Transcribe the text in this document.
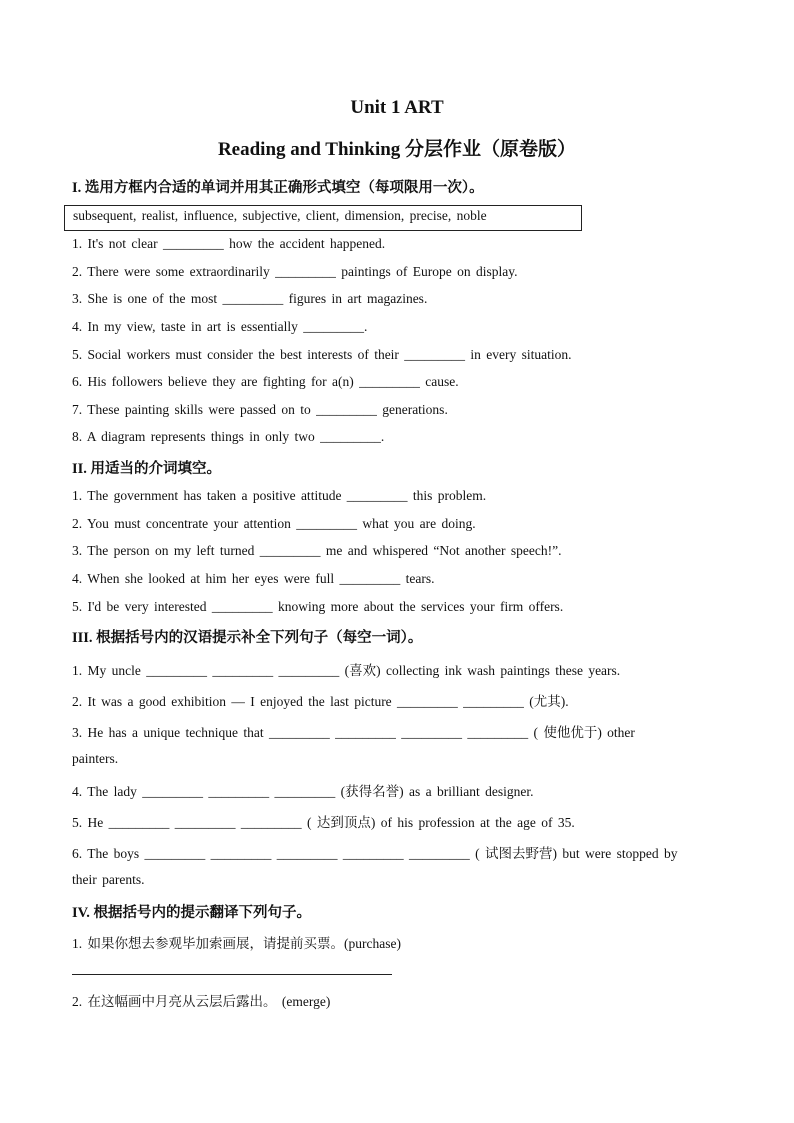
Unit 1 ART
Reading and Thinking 分层作业（原卷版）
I. 选用方框内合适的单词并用其正确形式填空（每项限用一次）。
subsequent, realist, influence, subjective, client, dimension, precise, noble
1. It's not clear _________ how the accident happened.
2. There were some extraordinarily _________ paintings of Europe on display.
3. She is one of the most _________ figures in art magazines.
4. In my view, taste in art is essentially _________.
5. Social workers must consider the best interests of their _________ in every situation.
6. His followers believe they are fighting for a(n) _________ cause.
7. These painting skills were passed on to _________ generations.
8. A diagram represents things in only two _________.
II. 用适当的介词填空。
1. The government has taken a positive attitude _________ this problem.
2. You must concentrate your attention _________ what you are doing.
3. The person on my left turned _________ me and whispered “Not another speech!”.
4. When she looked at him her eyes were full _________ tears.
5. I'd be very interested _________ knowing more about the services your firm offers.
III. 根据括号内的汉语提示补全下列句子（每空一词）。
1. My uncle _________ _________ _________ (喜欢) collecting ink wash paintings these years.
2. It was a good exhibition — I enjoyed the last picture _________ _________ (尤其).
3. He has a unique technique that _________ _________ _________ _________ ( 使他优于) other
painters.
4. The lady _________ _________ _________ (获得名誉) as a brilliant designer.
5. He _________ _________ _________ ( 达到顶点) of his profession at the age of 35.
6. The boys _________ _________ _________ _________ _________ ( 试图去野营) but were stopped by
their parents.
IV. 根据括号内的提示翻译下列句子。
1. 如果你想去参观毕加索画展，请提前买票。(purchase)
2. 在这幅画中月亮从云层后露出。 (emerge)
